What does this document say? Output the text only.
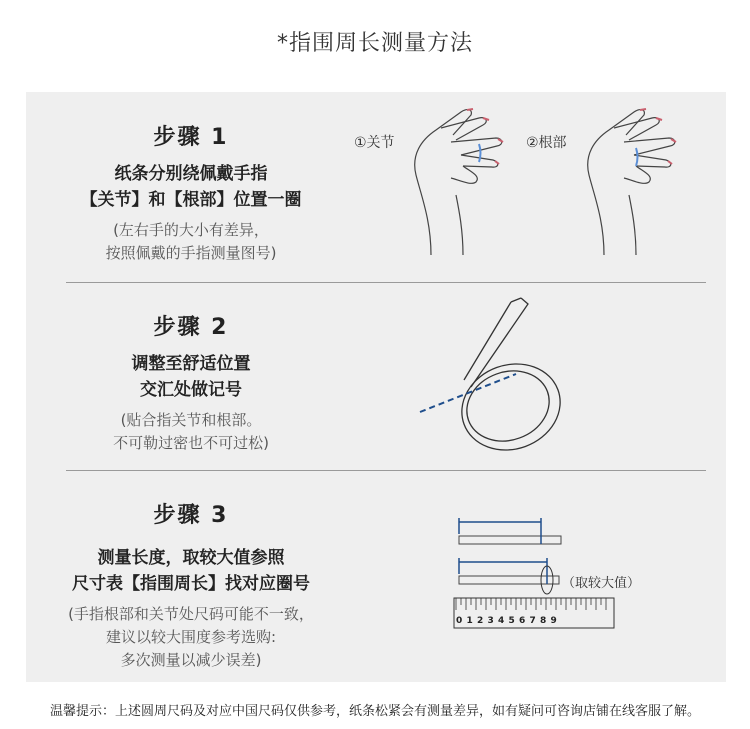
*指围周长测量方法
步骤 1
纸条分别绕佩戴手指
【关节】和【根部】位置一圈
(左右手的大小有差异，
按照佩戴的手指测量图号)
①关节	②根部
步骤 2
调整至舒适位置
交汇处做记号
(贴合指关节和根部。
不可勒过密也不可过松)
步骤 3
测量长度，取较大值参照
尺寸表【指围周长】找对应圈号
(手指根部和关节处尺码可能不一致，
建议以较大围度参考选购:
多次测量以减少误差)
（取较大值）
0 1 2 3 4 5 6 7 8 9
温馨提示：上述圆周尺码及对应中国尺码仅供参考，纸条松紧会有测量差异，如有疑问可咨询店铺在线客服了解。
